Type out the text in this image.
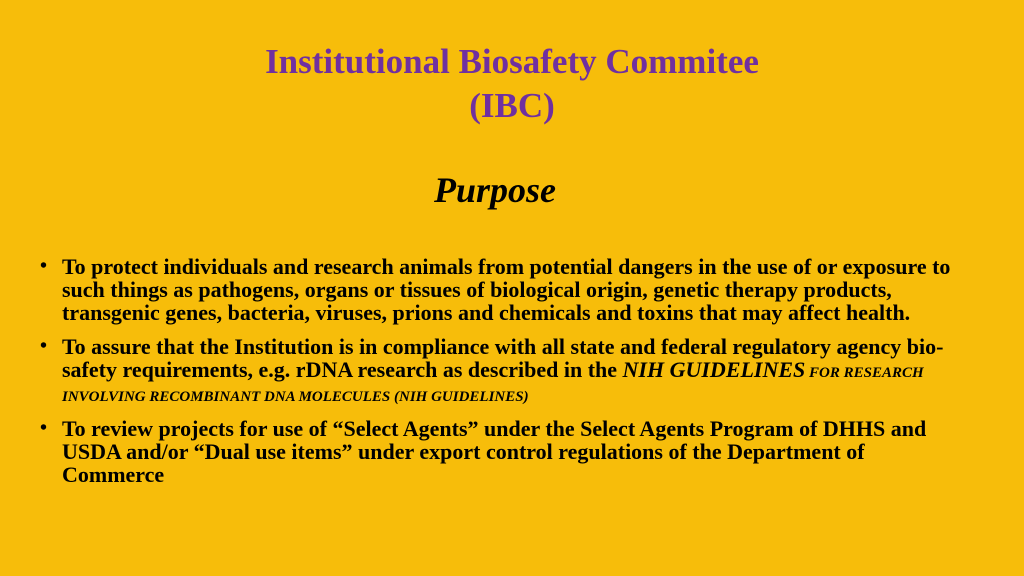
Institutional Biosafety Commitee
(IBC)
Purpose
• To protect individuals and research animals from potential dangers in the use of or exposure to such things as pathogens, organs or tissues of biological origin, genetic therapy products, transgenic genes, bacteria, viruses, prions and chemicals and toxins that may affect health.
• To assure that the Institution is in compliance with all state and federal regulatory agency bio-safety requirements, e.g. rDNA research as described in the NIH GUIDELINES FOR RESEARCH INVOLVING RECOMBINANT DNA MOLECULES (NIH GUIDELINES)
• To review projects for use of “Select Agents” under the Select Agents Program of DHHS and USDA and/or “Dual use items” under export control regulations of the Department of Commerce
